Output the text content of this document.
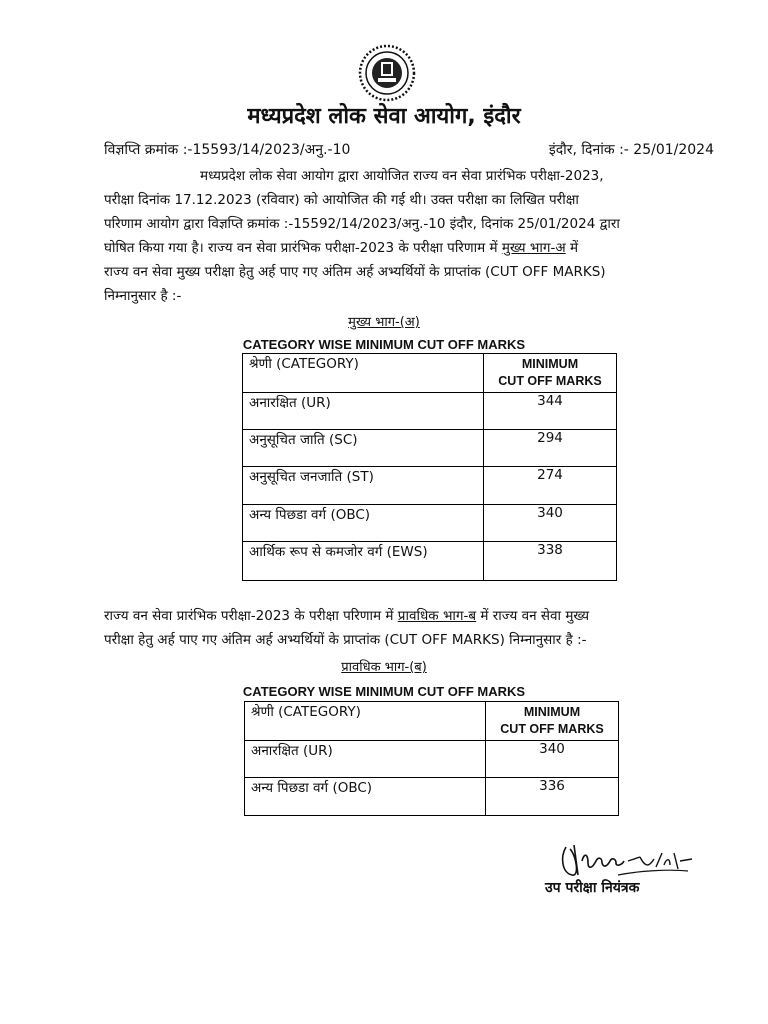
मध्यप्रदेश लोक सेवा आयोग, इंदौर
विज्ञप्ति क्रमांक :-15593/14/2023/अनु.-10	इंदौर, दिनांक :- 25/01/2024

मध्यप्रदेश लोक सेवा आयोग द्वारा आयोजित राज्य वन सेवा प्रारंभिक परीक्षा-2023,

परीक्षा दिनांक 17.12.2023 (रविवार) को आयोजित की गई थी। उक्त परीक्षा का लिखित परीक्षा

परिणाम आयोग द्वारा विज्ञप्ति क्रमांक :-15592/14/2023/अनु.-10 इंदौर, दिनांक 25/01/2024 द्वारा

घोषित किया गया है। राज्य वन सेवा प्रारंभिक परीक्षा-2023 के परीक्षा परिणाम में मुख्य भाग-अ में

राज्य वन सेवा मुख्य परीक्षा हेतु अर्ह पाए गए अंतिम अर्ह अभ्यर्थियों के प्राप्तांक (CUT OFF MARKS)

निम्नानुसार है :-

मुख्य भाग-(अ)
CATEGORY WISE MINIMUM CUT OFF MARKS
श्रेणी (CATEGORY)	MINIMUM
CUT OFF MARKS

अनारक्षित (UR)	344
अनुसूचित जाति (SC)	294
अनुसूचित जनजाति (ST)	274
अन्य पिछडा वर्ग (OBC)	340
आर्थिक रूप से कमजोर वर्ग (EWS)	338

राज्य वन सेवा प्रारंभिक परीक्षा-2023 के परीक्षा परिणाम में प्रावधिक भाग-ब में राज्य वन सेवा मुख्य

परीक्षा हेतु अर्ह पाए गए अंतिम अर्ह अभ्यर्थियों के प्राप्तांक (CUT OFF MARKS) निम्नानुसार है :-

प्रावधिक भाग-(ब)
CATEGORY WISE MINIMUM CUT OFF MARKS
श्रेणी (CATEGORY)	MINIMUM
CUT OFF MARKS

अनारक्षित (UR)	340
अन्य पिछडा वर्ग (OBC)	336
उप परीक्षा नियंत्रक
